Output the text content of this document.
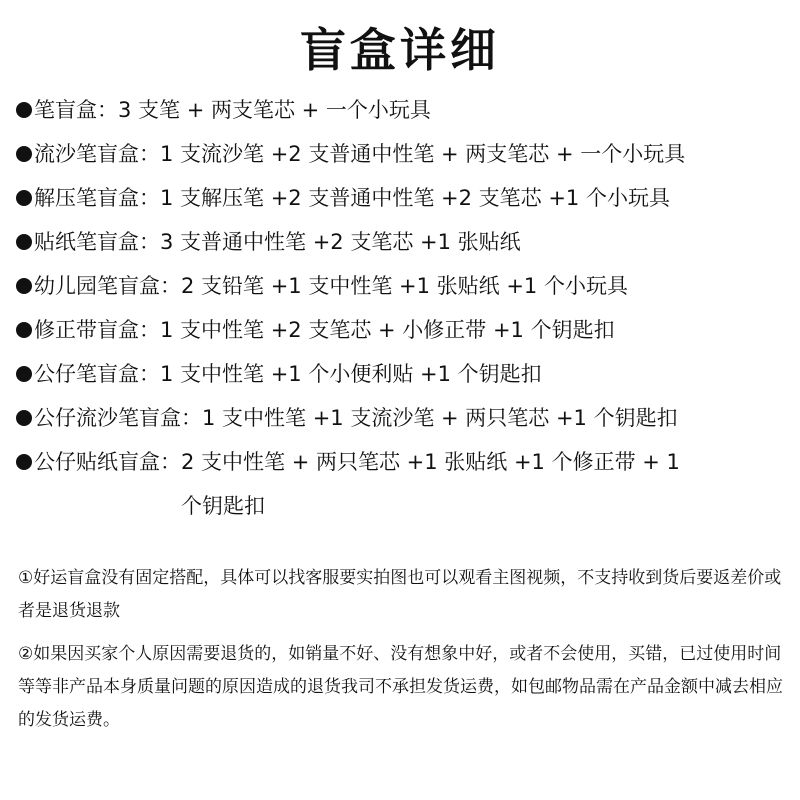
盲盒详细
笔盲盒： 3 支笔 + 两支笔芯 + 一个小玩具
流沙笔盲盒： 1 支流沙笔 +2 支普通中性笔 + 两支笔芯 + 一个小玩具
解压笔盲盒： 1 支解压笔 +2 支普通中性笔 +2 支笔芯 +1 个小玩具
贴纸笔盲盒： 3 支普通中性笔 +2 支笔芯 +1 张贴纸
幼儿园笔盲盒： 2 支铅笔 +1 支中性笔 +1 张贴纸 +1 个小玩具
修正带盲盒： 1 支中性笔 +2 支笔芯 + 小修正带 +1 个钥匙扣
公仔笔盲盒： 1 支中性笔 +1 个小便利贴 +1 个钥匙扣
公仔流沙笔盲盒： 1 支中性笔 +1 支流沙笔 + 两只笔芯 +1 个钥匙扣
公仔贴纸盲盒： 2 支中性笔 + 两只笔芯 +1 张贴纸 +1 个修正带 + 1 个钥匙扣

①好运盲盒没有固定搭配，具体可以找客服要实拍图也可以观看主图视频，不支持收到货后要返差价或者是退货退款

②如果因买家个人原因需要退货的，如销量不好、没有想象中好，或者不会使用，买错，已过使用时间等等非产品本身质量问题的原因造成的退货我司不承担发货运费，如包邮物品需在产品金额中减去相应的发货运费。
